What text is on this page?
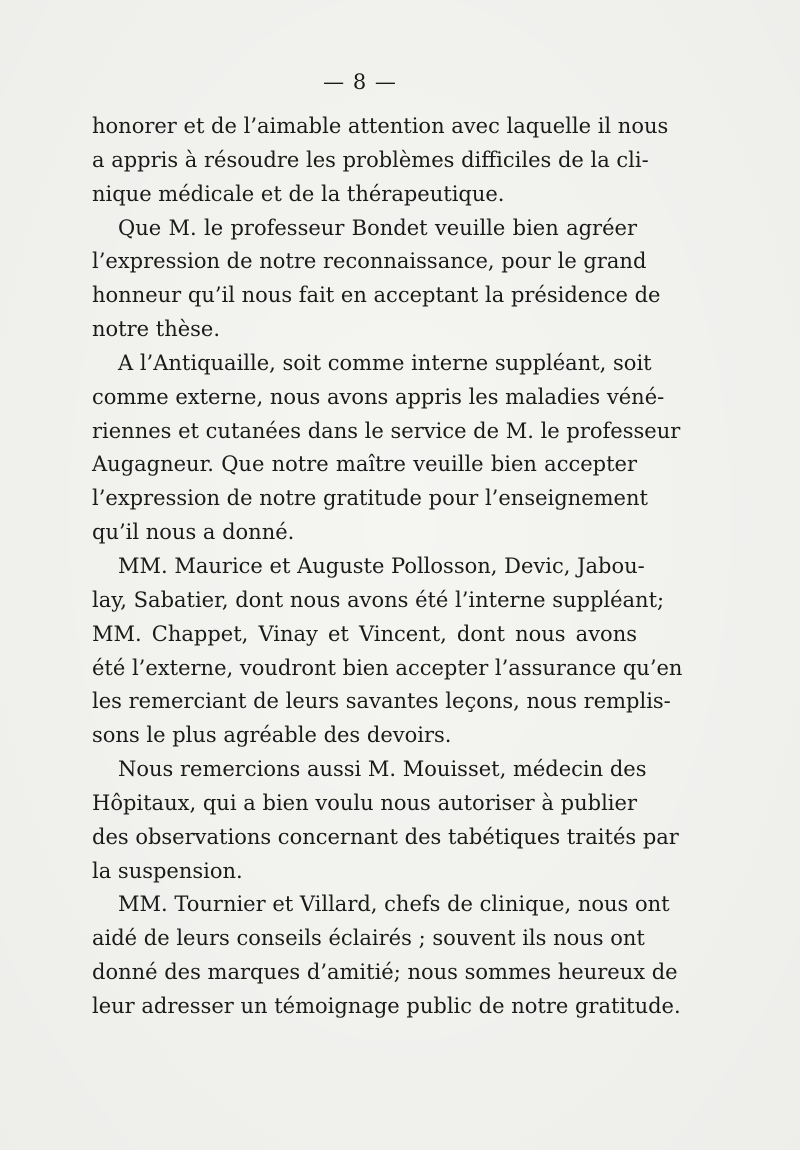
— 8 —
honorer et de l’aimable attention avec laquelle il nous
a appris à résoudre les problèmes difficiles de la cli-
nique médicale et de la thérapeutique.
Que M. le professeur Bondet veuille bien agréer
l’expression de notre reconnaissance, pour le grand
honneur qu’il nous fait en acceptant la présidence de
notre thèse.
A l’Antiquaille, soit comme interne suppléant, soit
comme externe, nous avons appris les maladies véné-
riennes et cutanées dans le service de M. le professeur
Augagneur. Que notre maître veuille bien accepter
l’expression de notre gratitude pour l’enseignement
qu’il nous a donné.
MM. Maurice et Auguste Pollosson, Devic, Jabou-
lay, Sabatier, dont nous avons été l’interne suppléant;
MM. Chappet, Vinay et Vincent, dont nous avons
été l’externe, voudront bien accepter l’assurance qu’en
les remerciant de leurs savantes leçons, nous remplis-
sons le plus agréable des devoirs.
Nous remercions aussi M. Mouisset, médecin des
Hôpitaux, qui a bien voulu nous autoriser à publier
des observations concernant des tabétiques traités par
la suspension.
MM. Tournier et Villard, chefs de clinique, nous ont
aidé de leurs conseils éclairés ; souvent ils nous ont
donné des marques d’amitié; nous sommes heureux de
leur adresser un témoignage public de notre gratitude.
